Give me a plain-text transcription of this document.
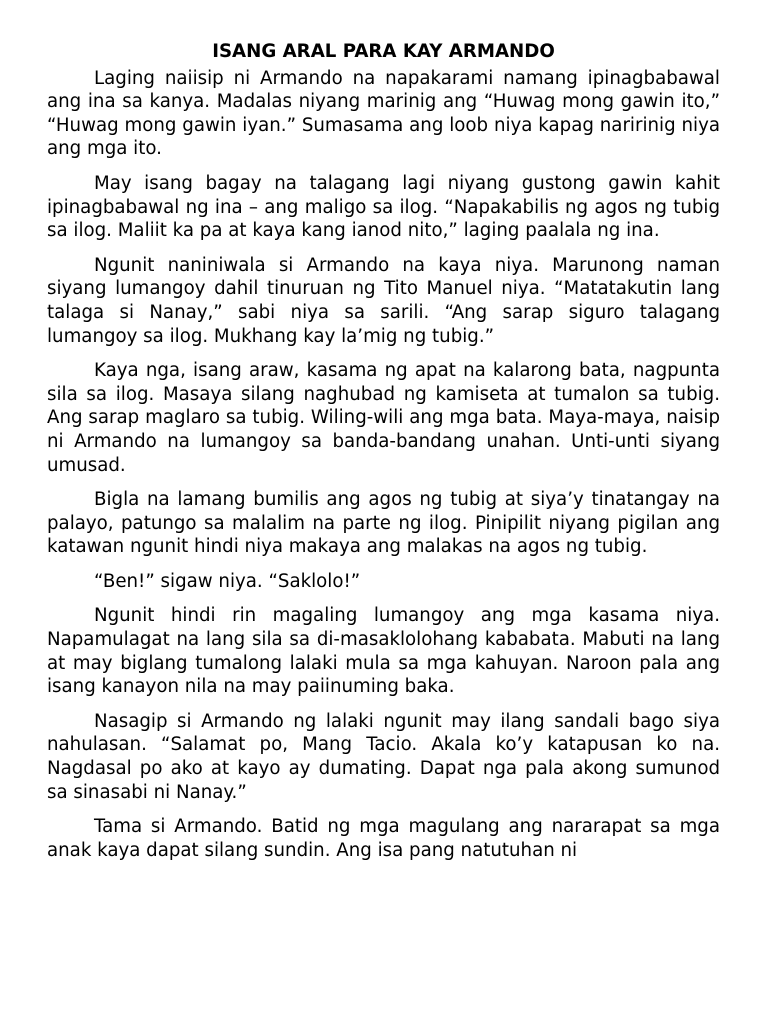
ISANG ARAL PARA KAY ARMANDO

Laging naiisip ni Armando na napakarami namang ipinagbabawal ang ina sa kanya. Madalas niyang marinig ang “Huwag mong gawin ito,” “Huwag mong gawin iyan.” Sumasama ang loob niya kapag naririnig niya ang mga ito.

May isang bagay na talagang lagi niyang gustong gawin kahit ipinagbabawal ng ina – ang maligo sa ilog. “Napakabilis ng agos ng tubig sa ilog. Maliit ka pa at kaya kang ianod nito,” laging paalala ng ina.

Ngunit naniniwala si Armando na kaya niya. Marunong naman siyang lumangoy dahil tinuruan ng Tito Manuel niya. “Matatakutin lang talaga si Nanay,” sabi niya sa sarili. “Ang sarap siguro talagang lumangoy sa ilog. Mukhang kay la’mig ng tubig.”

Kaya nga, isang araw, kasama ng apat na kalarong bata, nagpunta sila sa ilog. Masaya silang naghubad ng kamiseta at tumalon sa tubig. Ang sarap maglaro sa tubig. Wiling-wili ang mga bata. Maya-maya, naisip ni Armando na lumangoy sa banda-bandang unahan. Unti-unti siyang umusad.

Bigla na lamang bumilis ang agos ng tubig at siya’y tinatangay na palayo, patungo sa malalim na parte ng ilog. Pinipilit niyang pigilan ang katawan ngunit hindi niya makaya ang malakas na agos ng tubig.

“Ben!” sigaw niya. “Saklolo!”

Ngunit hindi rin magaling lumangoy ang mga kasama niya. Napamulagat na lang sila sa di-masaklolohang kababata. Mabuti na lang at may biglang tumalong lalaki mula sa mga kahuyan. Naroon pala ang isang kanayon nila na may paiinuming baka.

Nasagip si Armando ng lalaki ngunit may ilang sandali bago siya nahulasan. “Salamat po, Mang Tacio. Akala ko’y katapusan ko na. Nagdasal po ako at kayo ay dumating. Dapat nga pala akong sumunod sa sinasabi ni Nanay.”

Tama si Armando. Batid ng mga magulang ang nararapat sa mga anak kaya dapat silang sundin. Ang isa pang natutuhan ni
